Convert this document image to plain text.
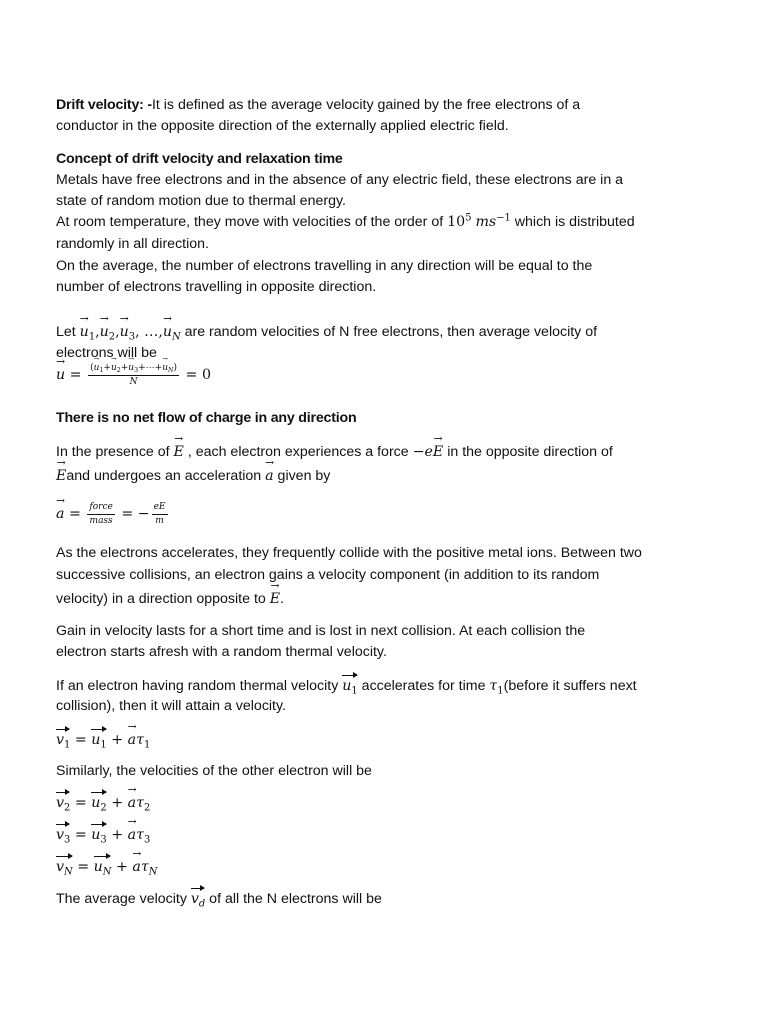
Drift velocity: -It is defined as the average velocity gained by the free electrons of a
conductor in the opposite direction of the externally applied electric field.
Concept of drift velocity and relaxation time
Metals have free electrons and in the absence of any electric field, these electrons are in a
state of random motion due to thermal energy.
At room temperature, they move with velocities of the order of $10^5$ $ms^{-1}$ which is distributed
randomly in all direction.
On the average, the number of electrons travelling in any direction will be equal to the
number of electrons travelling in opposite direction.
Let → $u_1,\to u_2,\to u_3$, …,→ $u_N$ are random velocities of N free electrons, then average velocity of
electrons will be
→ $u = \frac{(\to u_1+\to u_2+\to u_3+\cdots+\to u_N)}{N} = 0$
There is no net flow of charge in any direction
In the presence of → E , each electron experiences a force −e→ E in the opposite direction of
→ Eand undergoes an acceleration → a given by
→ $a = \frac{\text{force}}{\text{mass}}$ = − $\frac{eE}{m}$
As the electrons accelerates, they frequently collide with the positive metal ions. Between two
successive collisions, an electron gains a velocity component (in addition to its random
velocity) in a direction opposite to → E.
Gain in velocity lasts for a short time and is lost in next collision. At each collision the
electron starts afresh with a random thermal velocity.
If an electron having random thermal velocity $u_1$ accelerates for time $\tau_1(before$ it suffers next
collision), then it will attain a velocity.
$v_1 = u_1$ + → $a\tau_1$
Similarly, the velocities of the other electron will be
$v_2 = u_2$ + → $a\tau_2$
$v_3 = u_3$ + → $a\tau_3$
$v_N = u_N$ + → $a\tau_N$
The average velocity $v_d$ of all the N electrons will be
